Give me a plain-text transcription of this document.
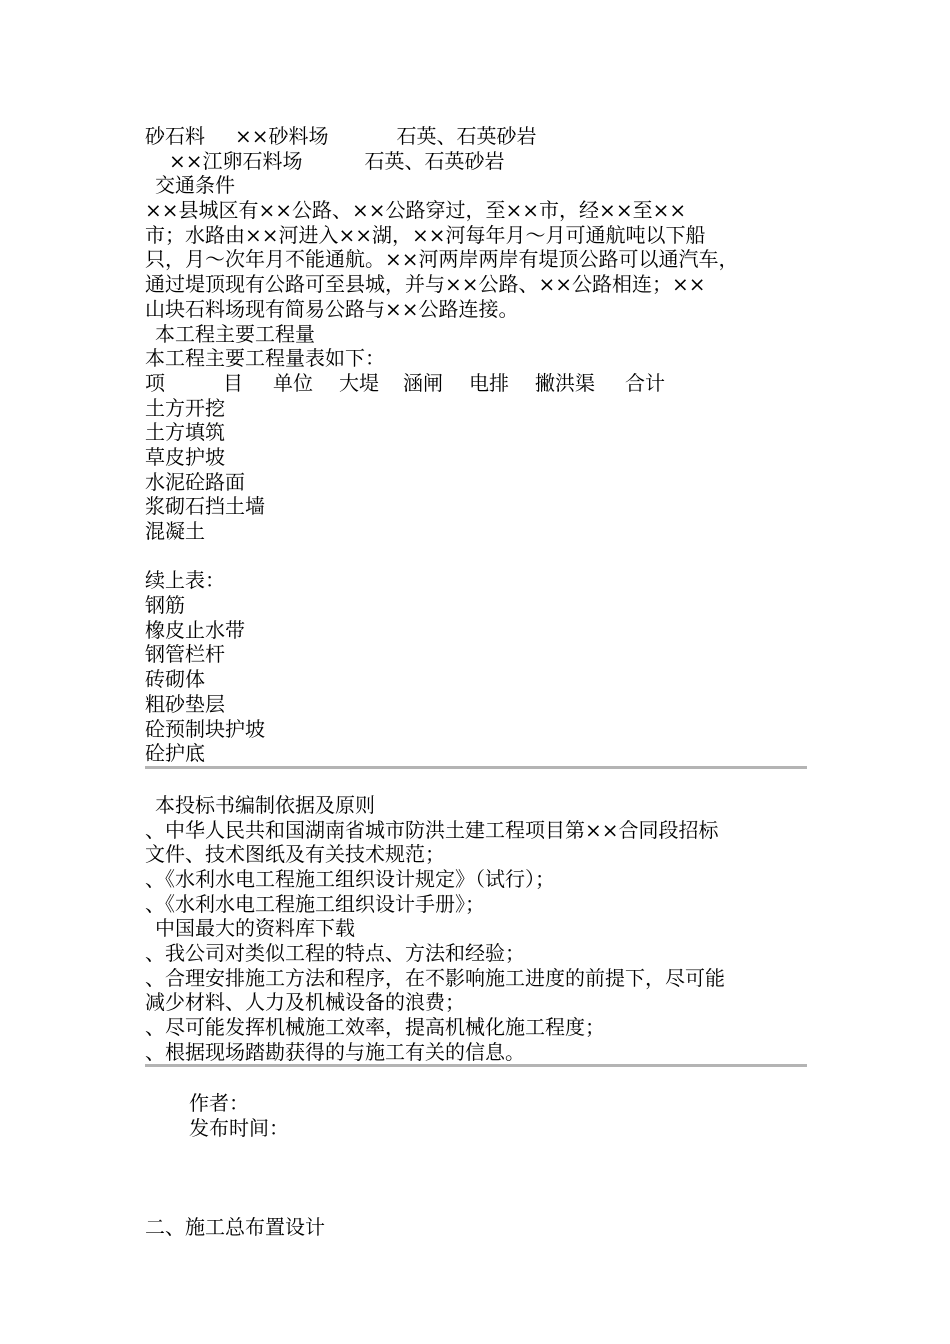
砂石料 ××砂料场	石英、石英砂岩
××江卵石料场	石英、石英砂岩
交通条件
××县城区有××公路、××公路穿过，至××市，经××至××
市；水路由××河进入××湖，××河每年月～月可通航吨以下船
只，月～次年月不能通航。××河两岸两岸有堤顶公路可以通汽车，
通过堤顶现有公路可至县城，并与××公路、××公路相连；××
山块石料场现有简易公路与××公路连接。
本工程主要工程量
本工程主要工程量表如下：
项	目 单位 大堤 涵闸 电排 撇洪渠 合计
土方开挖
土方填筑
草皮护坡
水泥砼路面
浆砌石挡土墙
混凝土
续上表：
钢筋
橡皮止水带
钢管栏杆
砖砌体
粗砂垫层
砼预制块护坡
砼护底
本投标书编制依据及原则
、中华人民共和国湖南省城市防洪土建工程项目第××合同段招标
文件、技术图纸及有关技术规范；
、《水利水电工程施工组织设计规定》（试行）；
、《水利水电工程施工组织设计手册》；
中国最大的资料库下载
、我公司对类似工程的特点、方法和经验；
、合理安排施工方法和程序，在不影响施工进度的前提下，尽可能
减少材料、人力及机械设备的浪费；
、尽可能发挥机械施工效率，提高机械化施工程度；
、根据现场踏勘获得的与施工有关的信息。
作者：
发布时间：
二、施工总布置设计
